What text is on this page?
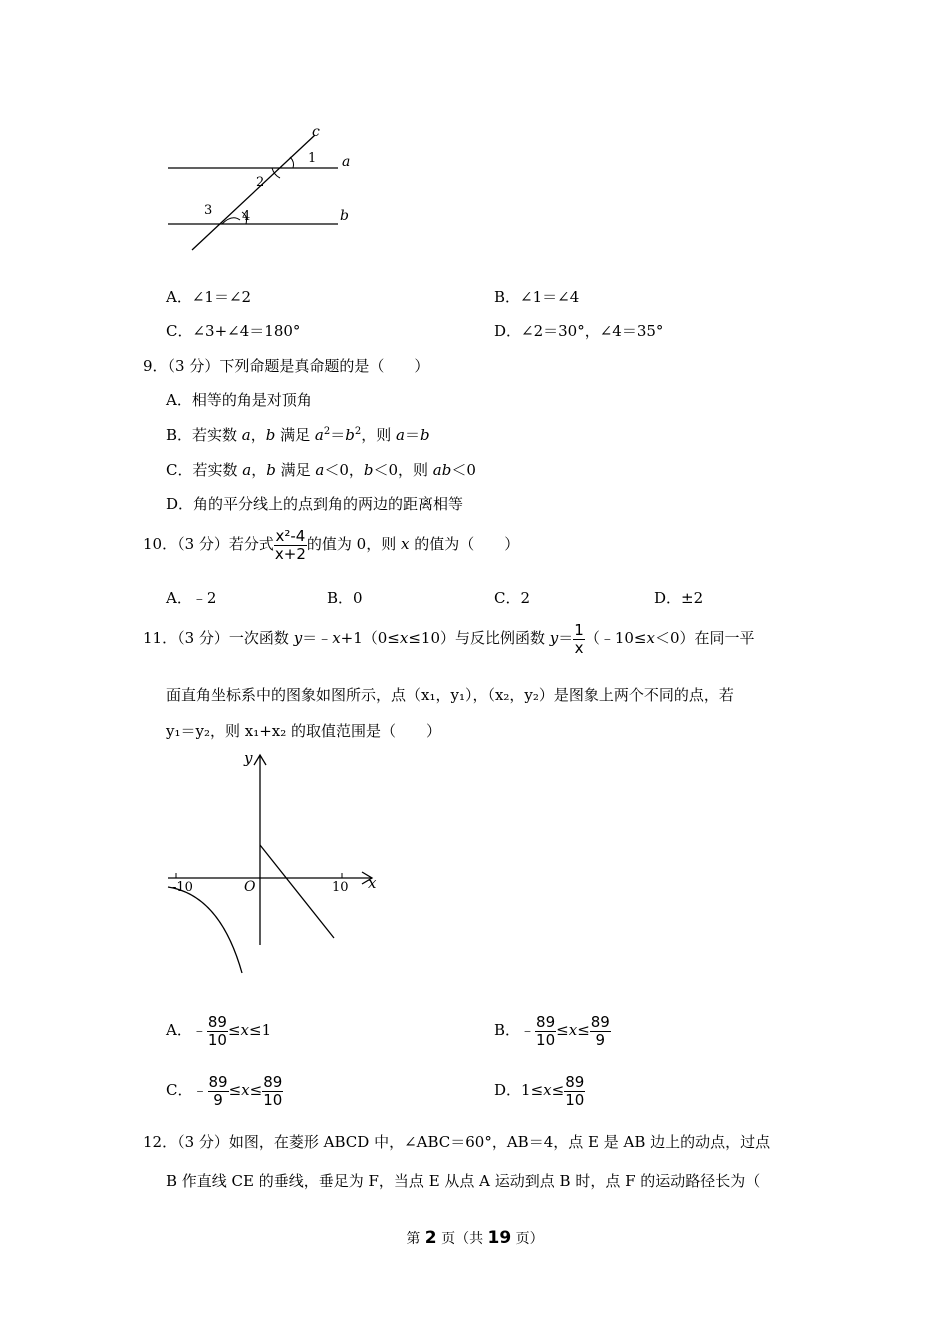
c
a
b
1
2
3 4
A．∠1＝∠2	B．∠1＝∠4
C．∠3+∠4＝180°	D．∠2＝30°，∠4＝35°
9．（3 分）下列命题是真命题的是（　　）
A．相等的角是对顶角
B．若实数 a，b 满足 $a^2=b^2$，则 a＝b
C．若实数 a，b 满足 a＜0，b＜0，则 ab＜0
D．角的平分线上的点到角的两边的距离相等
10．（3 分）若分式 $\frac{\text{x²-4}}{x+2}$ 的值为 0，则 x 的值为（　　）
A．﹣2	B．0	C．2	D．±2
11．（3 分）一次函数 y＝﹣x+1（0≤x≤10）与反比例函数 $y= \frac{1}{x}$ （﹣10≤x＜0）在同一平
面直角坐标系中的图象如图所示，点（x₁，y₁），（x₂，y₂）是图象上两个不同的点，若
y₁＝y₂，则 x₁+x₂ 的取值范围是（　　）
y
x
O
-10	10
A．﹣ $\frac{89}{10} \le x\le 1$	B．﹣ $\frac{89}{10} \le x\le \frac{89}{9}$
C．﹣ $\frac{89}{9} \le x\le \frac{89}{10}$	D．$1\le x\le \frac{89}{10}$
12．（3 分）如图，在菱形 ABCD 中，∠ABC＝60°，AB＝4，点 E 是 AB 边上的动点，过点
B 作直线 CE 的垂线，垂足为 F，当点 E 从点 A 运动到点 B 时，点 F 的运动路径长为（
第 2 页（共 19 页）
